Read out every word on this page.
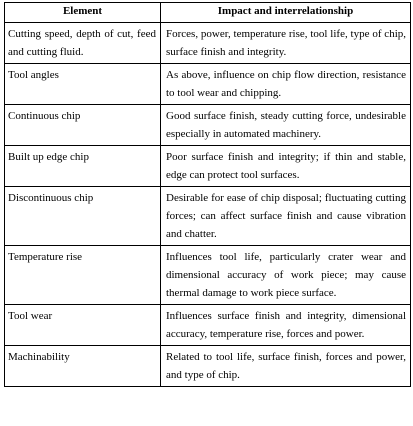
Element	Impact and interrelationship
Cutting speed, depth of cut, feed and cutting fluid.	Forces, power, temperature rise, tool life, type of chip, surface finish and integrity.
Tool angles	As above, influence on chip flow direction, resistance to tool wear and chipping.
Continuous chip	Good surface finish, steady cutting force, undesirable especially in automated machinery.
Built up edge chip	Poor surface finish and integrity; if thin and stable, edge can protect tool surfaces.
Discontinuous chip	Desirable for ease of chip disposal; fluctuating cutting forces; can affect surface finish and cause vibration and chatter.
Temperature rise	Influences tool life, particularly crater wear and dimensional accuracy of work piece; may cause thermal damage to work piece surface.
Tool wear	Influences surface finish and integrity, dimensional accuracy, temperature rise, forces and power.
Machinability	Related to tool life, surface finish, forces and power, and type of chip.
